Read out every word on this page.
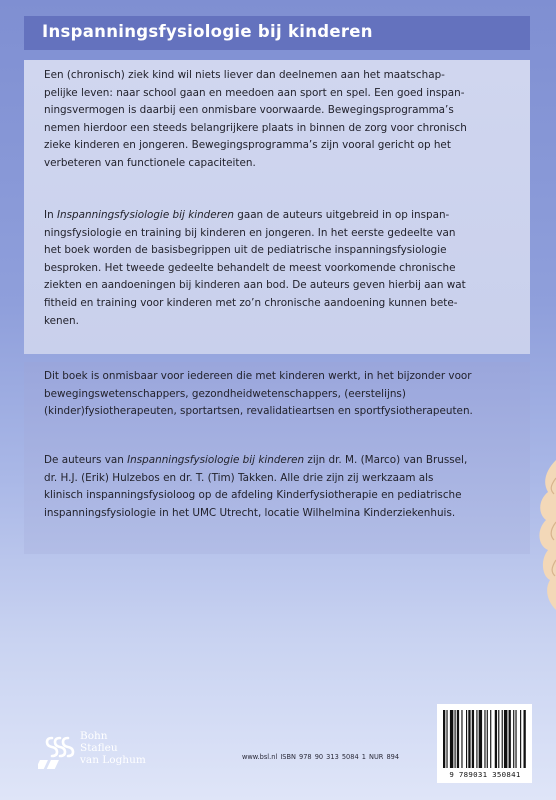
Inspanningsfysiologie bij kinderen

Een (chronisch) ziek kind wil niets liever dan deelnemen aan het maatschap-
pelijke leven: naar school gaan en meedoen aan sport en spel. Een goed inspan-
ningsvermogen is daarbij een onmisbare voorwaarde. Bewegingsprogramma’s
nemen hierdoor een steeds belangrijkere plaats in binnen de zorg voor chronisch
zieke kinderen en jongeren. Bewegingsprogramma’s zijn vooral gericht op het
verbeteren van functionele capaciteiten.

In Inspanningsfysiologie bij kinderen gaan de auteurs uitgebreid in op inspan-
ningsfysiologie en training bij kinderen en jongeren. In het eerste gedeelte van
het boek worden de basisbegrippen uit de pediatrische inspanningsfysiologie
besproken. Het tweede gedeelte behandelt de meest voorkomende chronische
ziekten en aandoeningen bij kinderen aan bod. De auteurs geven hierbij aan wat
fitheid en training voor kinderen met zo’n chronische aandoening kunnen bete-
kenen.

Dit boek is onmisbaar voor iedereen die met kinderen werkt, in het bijzonder voor
bewegingswetenschappers, gezondheidwetenschappers, (eerstelijns)
(kinder)fysiotherapeuten, sportartsen, revalidatieartsen en sportfysiotherapeuten.

De auteurs van Inspanningsfysiologie bij kinderen zijn dr. M. (Marco) van Brussel,
dr. H.J. (Erik) Hulzebos en dr. T. (Tim) Takken. Alle drie zijn zij werkzaam als
klinisch inspanningsfysioloog op de afdeling Kinderfysiotherapie en pediatrische
inspanningsfysiologie in het UMC Utrecht, locatie Wilhelmina Kinderziekenhuis.

Bohn
Stafleu
van Loghum	www.bsl.nl ISBN 978 90 313 5084 1 NUR 894
9 789031 350841
